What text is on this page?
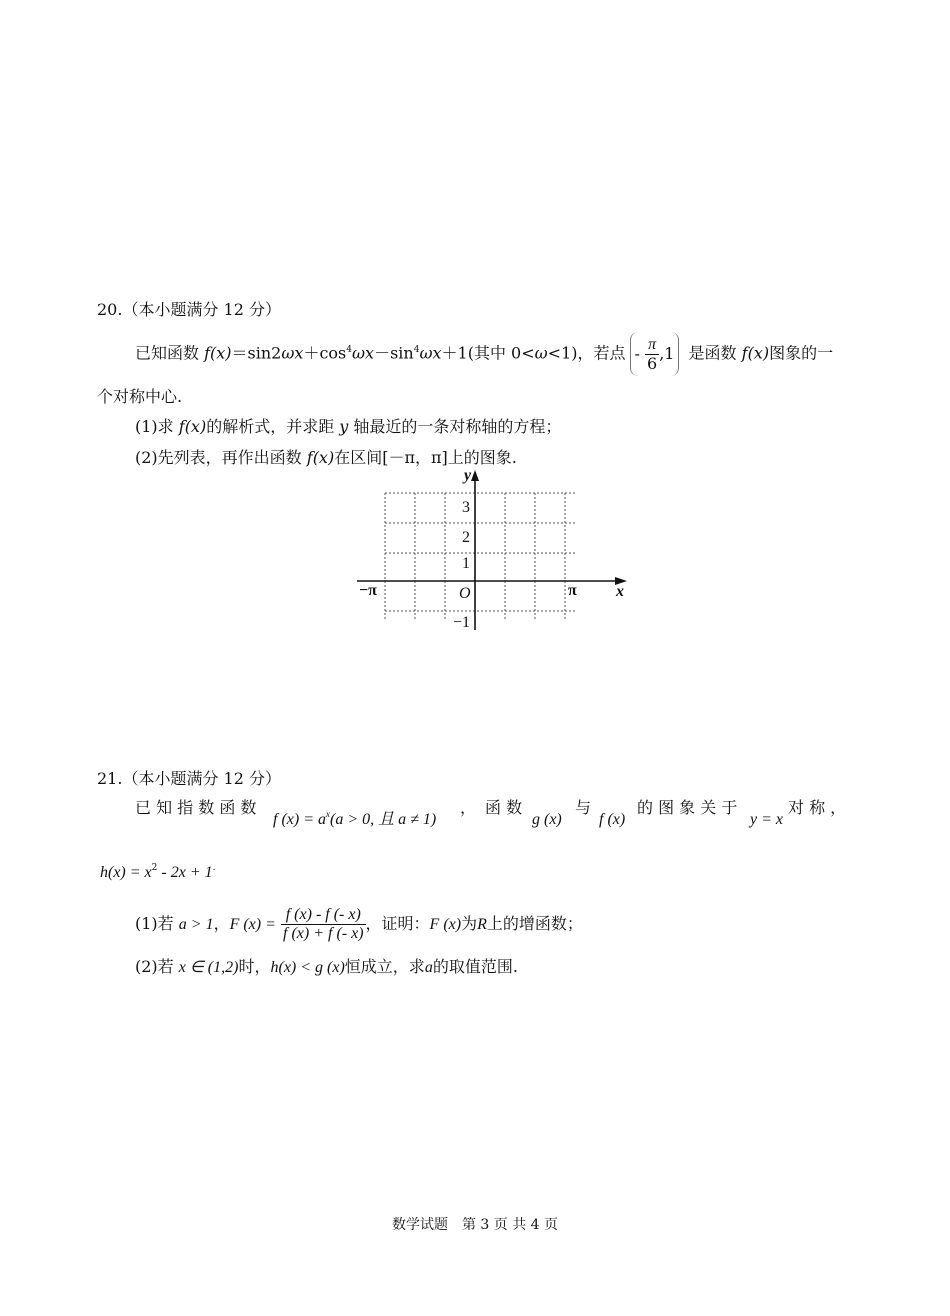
20.（本小题满分 12 分）
已知函数 $f(x)=\sin 2\omega x+\cos^4\omega x-\sin^4\omega x+1$(其中 0<ω<1)，若点 - $\frac{\pi}{6} ,1$ 是函数 f(x)图象的一
个对称中心.
(1)求 f(x)的解析式，并求距 y 轴最近的一条对称轴的方程；
(2)先列表，再作出函数 f(x)在区间[－π，π]上的图象.
y
x
O
3
2
1
−1
−π	π
21.（本小题满分 12 分）
已 知 指 数 函 数
f $(x) = a^x(a > 0$, 且 a ≠ 1)
， 函 数
g (x)
与
f (x)
的 图 象 关 于
y = x
对 称 ，
$h(x) = x^2 - 2x + 1^.$
(1)若 a > 1，F $(x) = \frac{f (x) - f (- x)}{f (x) + f (- x)}$ ，证明：F (x)为R上的增函数；
(2)若 x ∈ (1,2)时，h(x) < g (x)恒成立，求a的取值范围.
数学试题　第 3 页 共 4 页
